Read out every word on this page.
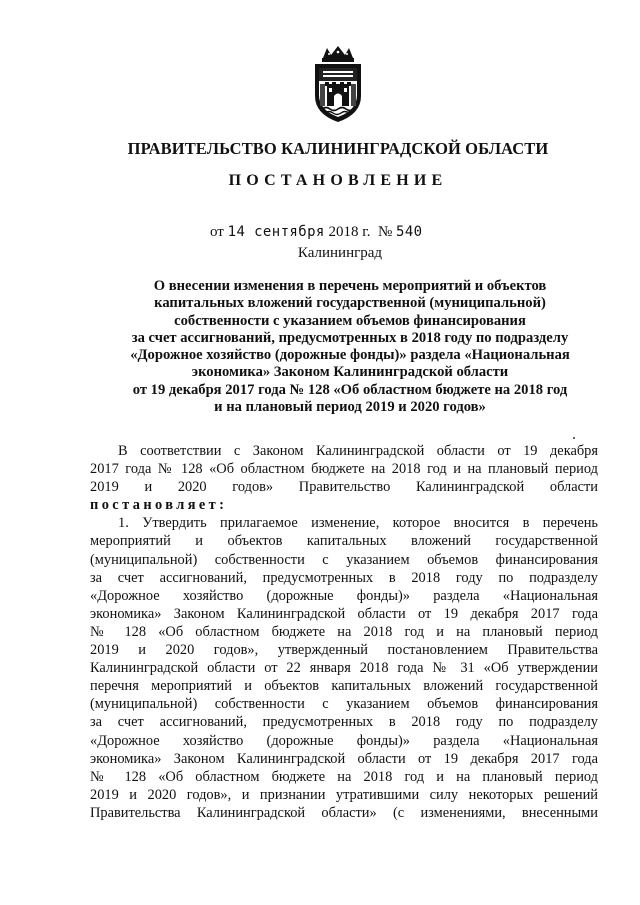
ПРАВИТЕЛЬСТВО КАЛИНИНГРАДСКОЙ ОБЛАСТИ
ПОСТАНОВЛЕНИЕ
от 14 сентября 2018 г. № 540
Калининград
О внесении изменения в перечень мероприятий и объектов
капитальных вложений государственной (муниципальной)
собственности с указанием объемов финансирования
за счет ассигнований, предусмотренных в 2018 году по подразделу
«Дорожное хозяйство (дорожные фонды)» раздела «Национальная
экономика» Законом Калининградской области
от 19 декабря 2017 года № 128 «Об областном бюджете на 2018 год
и на плановый период 2019 и 2020 годов»
В соответствии с Законом Калининградской области от 19 декабря
2017 года № 128 «Об областном бюджете на 2018 год и на плановый период
2019 и 2020 годов» Правительство Калининградской области
постановляет:
1. Утвердить прилагаемое изменение, которое вносится в перечень
мероприятий и объектов капитальных вложений государственной
(муниципальной) собственности с указанием объемов финансирования
за счет ассигнований, предусмотренных в 2018 году по подразделу
«Дорожное хозяйство (дорожные фонды)» раздела «Национальная
экономика» Законом Калининградской области от 19 декабря 2017 года
№ 128 «Об областном бюджете на 2018 год и на плановый период
2019 и 2020 годов», утвержденный постановлением Правительства
Калининградской области от 22 января 2018 года № 31 «Об утверждении
перечня мероприятий и объектов капитальных вложений государственной
(муниципальной) собственности с указанием объемов финансирования
за счет ассигнований, предусмотренных в 2018 году по подразделу
«Дорожное хозяйство (дорожные фонды)» раздела «Национальная
экономика» Законом Калининградской области от 19 декабря 2017 года
№ 128 «Об областном бюджете на 2018 год и на плановый период
2019 и 2020 годов», и признании утратившими силу некоторых решений
Правительства Калининградской области» (с изменениями, внесенными
